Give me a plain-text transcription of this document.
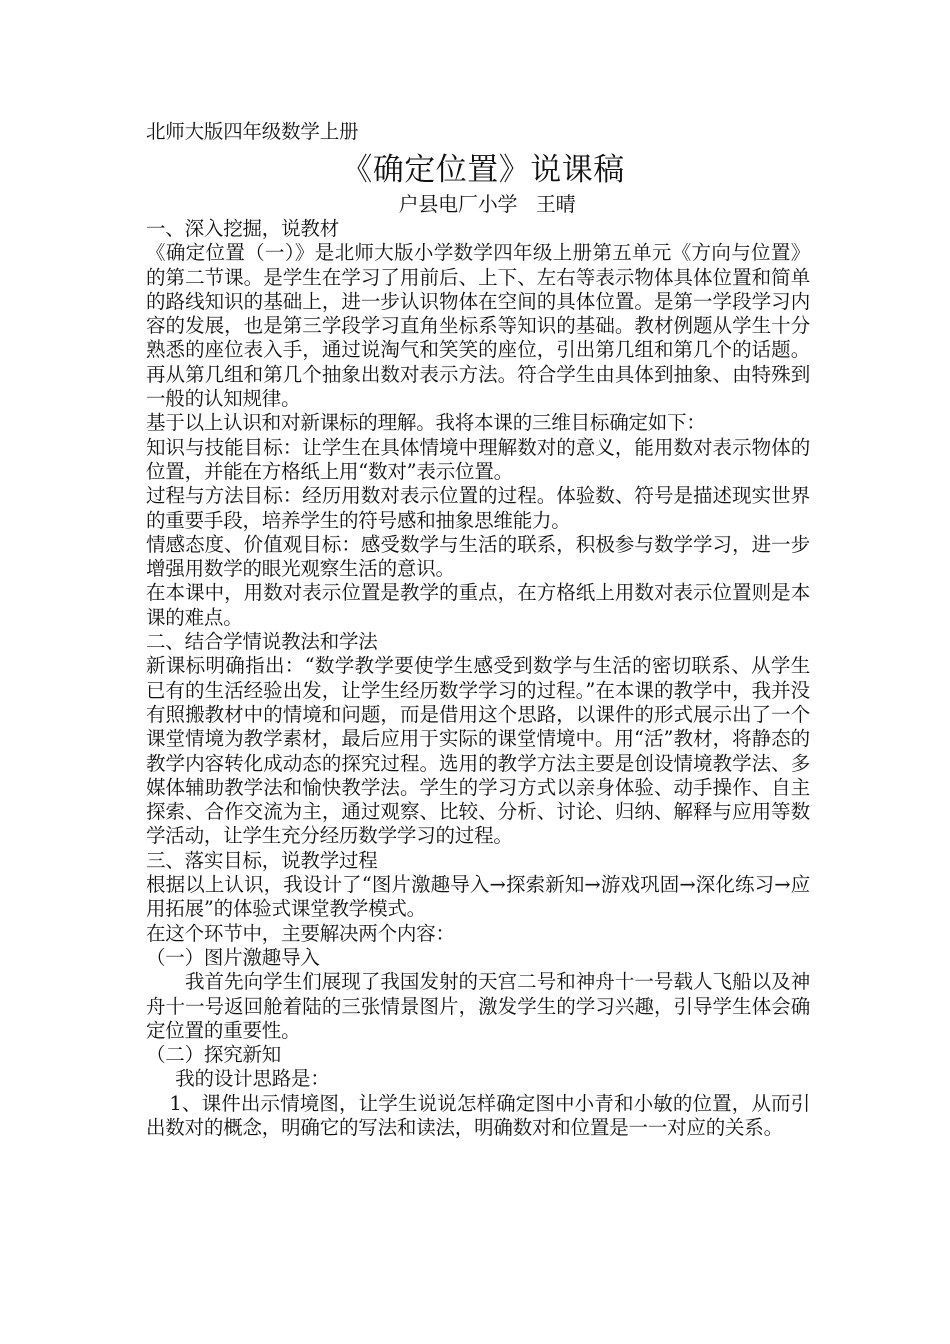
北师大版四年级数学上册

《确定位置》说课稿

户县电厂小学   王晴

一、深入挖掘，说教材

《确定位置（一）》是北师大版小学数学四年级上册第五单元《方向与位置》的第二节课。是学生在学习了用前后、上下、左右等表示物体具体位置和简单的路线知识的基础上，进一步认识物体在空间的具体位置。是第一学段学习内容的发展，也是第三学段学习直角坐标系等知识的基础。教材例题从学生十分熟悉的座位表入手，通过说淘气和笑笑的座位，引出第几组和第几个的话题。再从第几组和第几个抽象出数对表示方法。符合学生由具体到抽象、由特殊到一般的认知规律。

基于以上认识和对新课标的理解。我将本课的三维目标确定如下：

知识与技能目标：让学生在具体情境中理解数对的意义，能用数对表示物体的位置，并能在方格纸上用“数对”表示位置。

过程与方法目标：经历用数对表示位置的过程。体验数、符号是描述现实世界的重要手段，培养学生的符号感和抽象思维能力。

情感态度、价值观目标：感受数学与生活的联系，积极参与数学学习，进一步增强用数学的眼光观察生活的意识。

在本课中，用数对表示位置是教学的重点，在方格纸上用数对表示位置则是本课的难点。

二、结合学情说教法和学法

新课标明确指出：“数学教学要使学生感受到数学与生活的密切联系、从学生已有的生活经验出发，让学生经历数学学习的过程。”在本课的教学中，我并没有照搬教材中的情境和问题，而是借用这个思路，以课件的形式展示出了一个课堂情境为教学素材，最后应用于实际的课堂情境中。用“活”教材，将静态的教学内容转化成动态的探究过程。选用的教学方法主要是创设情境教学法、多媒体辅助教学法和愉快教学法。学生的学习方式以亲身体验、动手操作、自主探索、合作交流为主，通过观察、比较、分析、讨论、归纳、解释与应用等数学活动，让学生充分经历数学学习的过程。

三、落实目标，说教学过程

根据以上认识，我设计了“图片激趣导入→探索新知→游戏巩固→深化练习→应用拓展”的体验式课堂教学模式。

在这个环节中，主要解决两个内容：

（一）图片激趣导入

我首先向学生们展现了我国发射的天宫二号和神舟十一号载人飞船以及神舟十一号返回舱着陆的三张情景图片，激发学生的学习兴趣，引导学生体会确定位置的重要性。

（二）探究新知

我的设计思路是：

1、课件出示情境图，让学生说说怎样确定图中小青和小敏的位置，从而引出数对的概念，明确它的写法和读法，明确数对和位置是一一对应的关系。
